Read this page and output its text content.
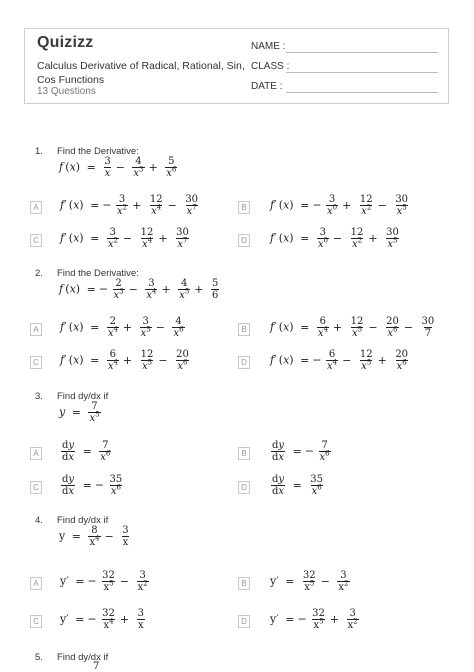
Quizizz
Calculus Derivative of Radical, Rational, Sin, Cos Functions
13 Questions
NAME :
CLASS :
DATE :
1. Find the Derivative:
f $(x) = \frac{3}{x} - \frac{4}{x^3} + \frac{5}{x^6}$
A	f′ (x) = − $\frac{3}{x^2} + \frac{12}{x^4} - \frac{30}{x^7}$	B	f′ (x) = − $\frac{3}{x^0} + \frac{12}{x^2} - \frac{30}{x^5}$
C f′ $(x) = \frac{3}{x^2} - \frac{12}{x^4} + \frac{30}{x^7}$	D f′ $(x) = \frac{3}{x^0} - \frac{12}{x^2} + \frac{30}{x^5}$
2. Find the Derivative:
f (x) = − $\frac{2}{x^3} - \frac{3}{x^4} + \frac{4}{x^5} + \frac{5}{6}$
A	f′ $(x) = \frac{2}{x^4} + \frac{3}{x^5} - \frac{4}{x^6}$	B	f′ $(x) = \frac{6}{x^4} + \frac{12}{x^5} - \frac{20}{x^6} - \frac{30}{7}$
C f′ $(x) = \frac{6}{x^4} + \frac{12}{x^5} - \frac{20}{x^6}$	D f′ (x) = − $\frac{6}{x^4} - \frac{12}{x^5} + \frac{20}{x^6}$
3. Find dy/dx if
$y = \frac{7}{x^5}$
A	$\frac{dy}{dx} = \frac{7}{x^6}$	B	$\frac{dy}{dx}$ = − $\frac{7}{x^6}$
C	$\frac{dy}{dx}$ = − $\frac{35}{x^6}$	D	$\frac{dy}{dx} = \frac{35}{x^6}$
4. Find dy/dx if
$y = \frac{8}{x^4} - \frac{3}{x}$
A	y′ = − $\frac{32}{x^5} - \frac{3}{x^2}$	B	$y' = \frac{32}{x^5} - \frac{3}{x^2}$
C y′ = − $\frac{32}{x^4} + \frac{3}{x}$	D y′ = − $\frac{32}{x^5} + \frac{3}{x^2}$
5. Find dy/dx if
7
